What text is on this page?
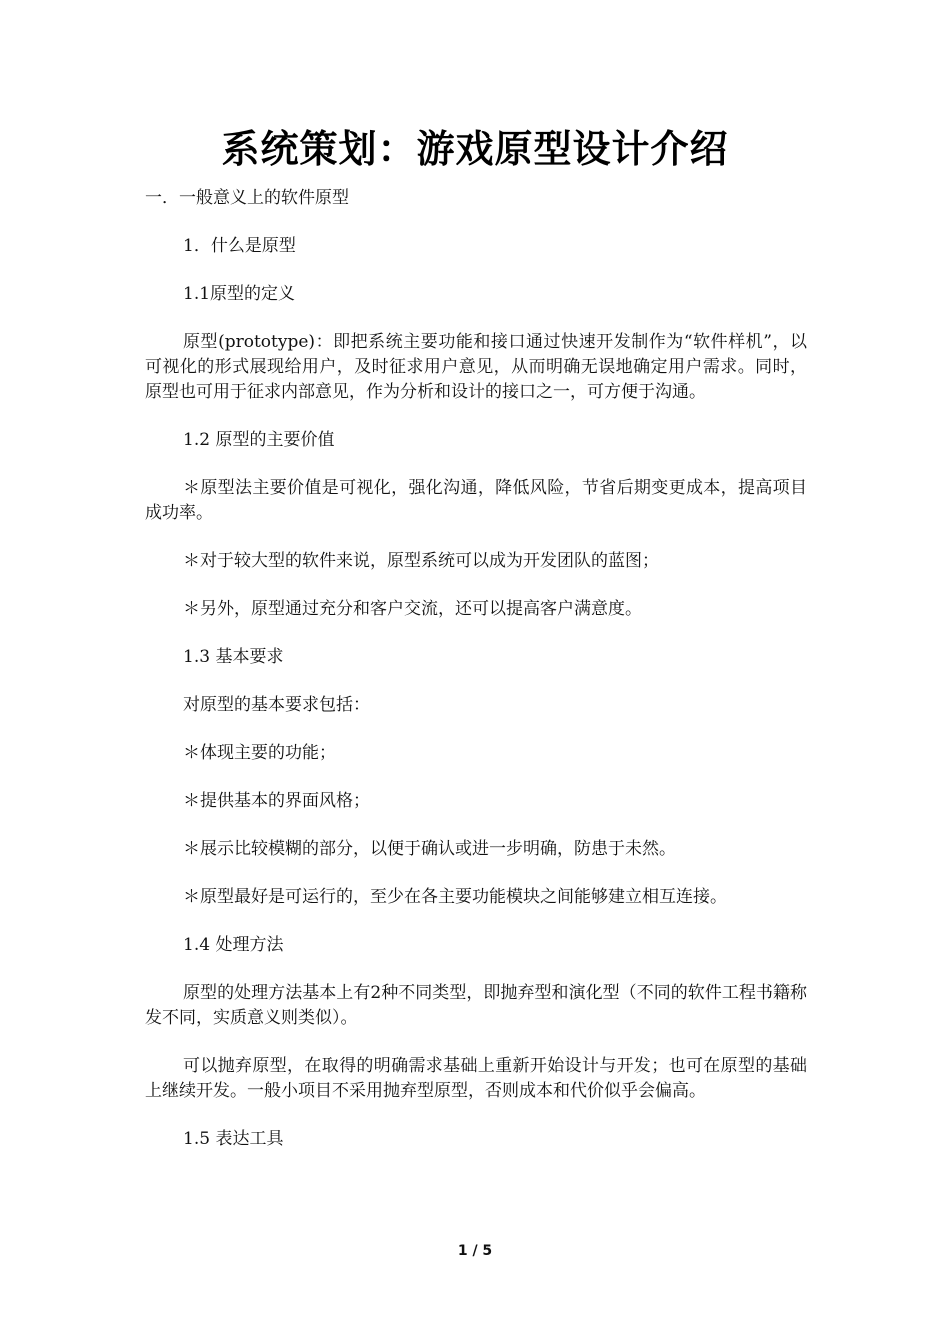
系统策划：游戏原型设计介绍

一．一般意义上的软件原型

1．什么是原型

1.1原型的定义

原型(prototype)：即把系统主要功能和接口通过快速开发制作为“软件样机”，以可视化的形式展现给用户，及时征求用户意见，从而明确无误地确定用户需求。同时，原型也可用于征求内部意见，作为分析和设计的接口之一，可方便于沟通。

1.2 原型的主要价值

＊原型法主要价值是可视化，强化沟通，降低风险，节省后期变更成本，提高项目成功率。

＊对于较大型的软件来说，原型系统可以成为开发团队的蓝图；

＊另外，原型通过充分和客户交流，还可以提高客户满意度。

1.3 基本要求

对原型的基本要求包括：

＊体现主要的功能；

＊提供基本的界面风格；

＊展示比较模糊的部分，以便于确认或进一步明确，防患于未然。

＊原型最好是可运行的，至少在各主要功能模块之间能够建立相互连接。

1.4 处理方法

原型的处理方法基本上有2种不同类型，即抛弃型和演化型（不同的软件工程书籍称发不同，实质意义则类似）。

可以抛弃原型，在取得的明确需求基础上重新开始设计与开发；也可在原型的基础上继续开发。一般小项目不采用抛弃型原型，否则成本和代价似乎会偏高。

1.5 表达工具

1 / 5
